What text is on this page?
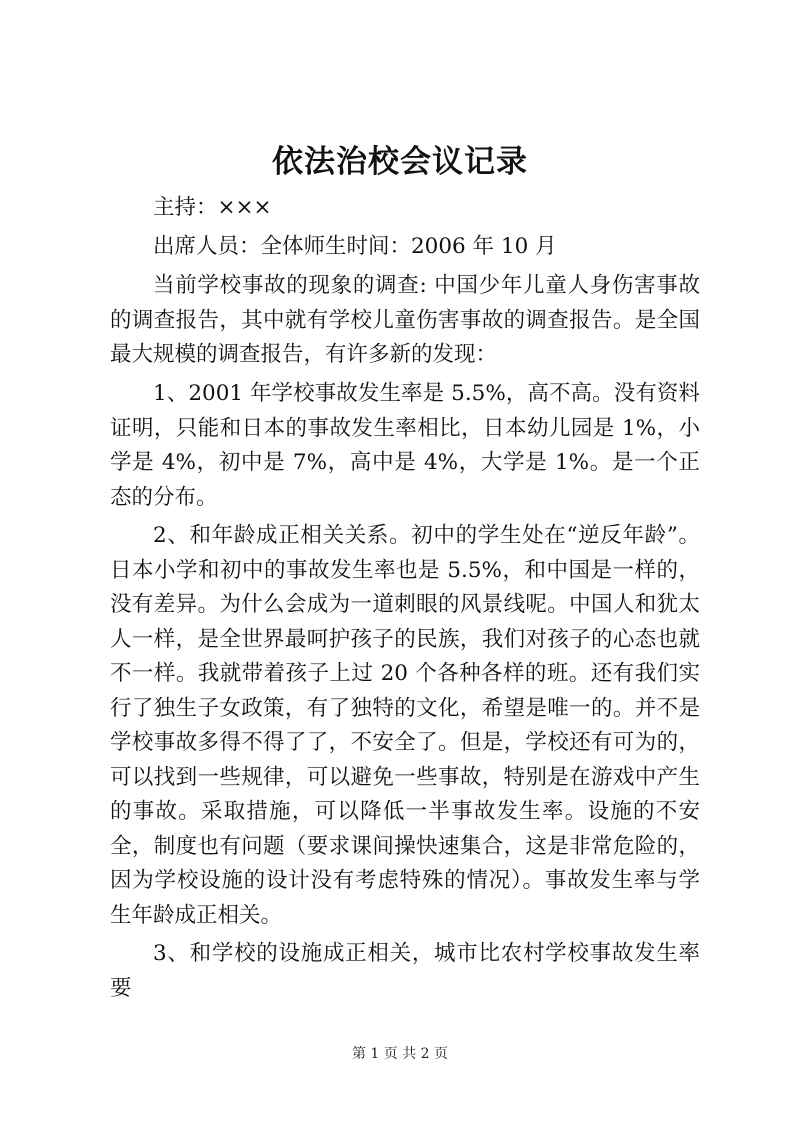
依法治校会议记录

主持：×××

出席人员：全体师生时间：2006 年 10 月

当前学校事故的现象的调查: 中国少年儿童人身伤害事故的调查报告，其中就有学校儿童伤害事故的调查报告。是全国最大规模的调查报告，有许多新的发现：

1、2001 年学校事故发生率是 5.5%，高不高。没有资料证明，只能和日本的事故发生率相比，日本幼儿园是 1%，小学是 4%，初中是 7%，高中是 4%，大学是 1%。是一个正态的分布。

2、和年龄成正相关关系。初中的学生处在“逆反年龄”。日本小学和初中的事故发生率也是 5.5%，和中国是一样的，没有差异。为什么会成为一道刺眼的风景线呢。中国人和犹太人一样，是全世界最呵护孩子的民族，我们对孩子的心态也就不一样。我就带着孩子上过 20 个各种各样的班。还有我们实行了独生子女政策，有了独特的文化，希望是唯一的。并不是学校事故多得不得了了，不安全了。但是，学校还有可为的，可以找到一些规律，可以避免一些事故，特别是在游戏中产生的事故。采取措施，可以降低一半事故发生率。设施的不安全，制度也有问题（要求课间操快速集合，这是非常危险的，因为学校设施的设计没有考虑特殊的情况）。事故发生率与学生年龄成正相关。

3、和学校的设施成正相关，城市比农村学校事故发生率要

第 1 页 共 2 页
